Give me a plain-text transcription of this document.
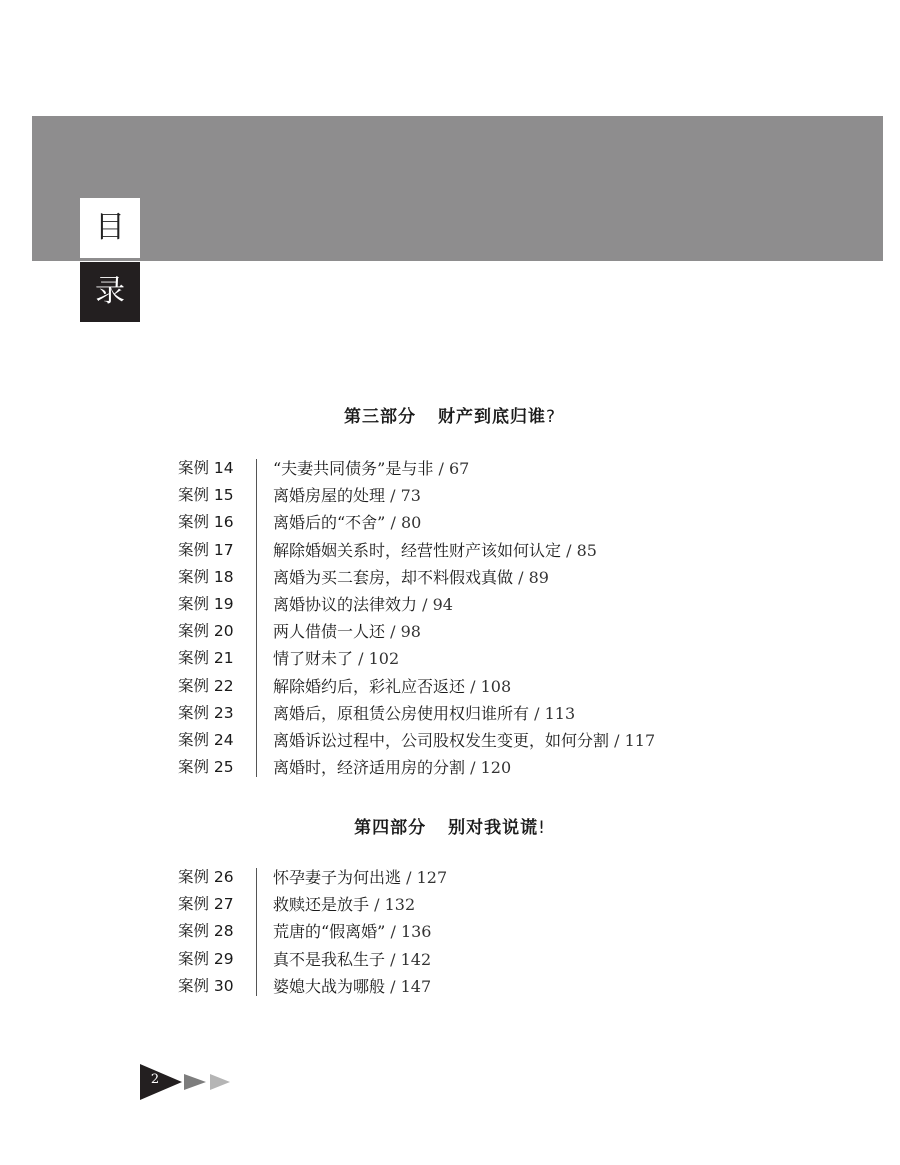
目
录
第三部分 财产到底归谁?
案例 14	“夫妻共同债务”是与非 / 67
案例 15	离婚房屋的处理 / 73
案例 16	离婚后的“不舍” / 80
案例 17	解除婚姻关系时，经营性财产该如何认定 / 85
案例 18	离婚为买二套房，却不料假戏真做 / 89
案例 19	离婚协议的法律效力 / 94
案例 20	两人借债一人还 / 98
案例 21	情了财未了 / 102
案例 22	解除婚约后，彩礼应否返还 / 108
案例 23	离婚后，原租赁公房使用权归谁所有 / 113
案例 24	离婚诉讼过程中，公司股权发生变更，如何分割 / 117
案例 25	离婚时，经济适用房的分割 / 120
第四部分 别对我说谎!
案例 26	怀孕妻子为何出逃 / 127
案例 27	救赎还是放手 / 132
案例 28	荒唐的“假离婚” / 136
案例 29	真不是我私生子 / 142
案例 30	婆媳大战为哪般 / 147
2
